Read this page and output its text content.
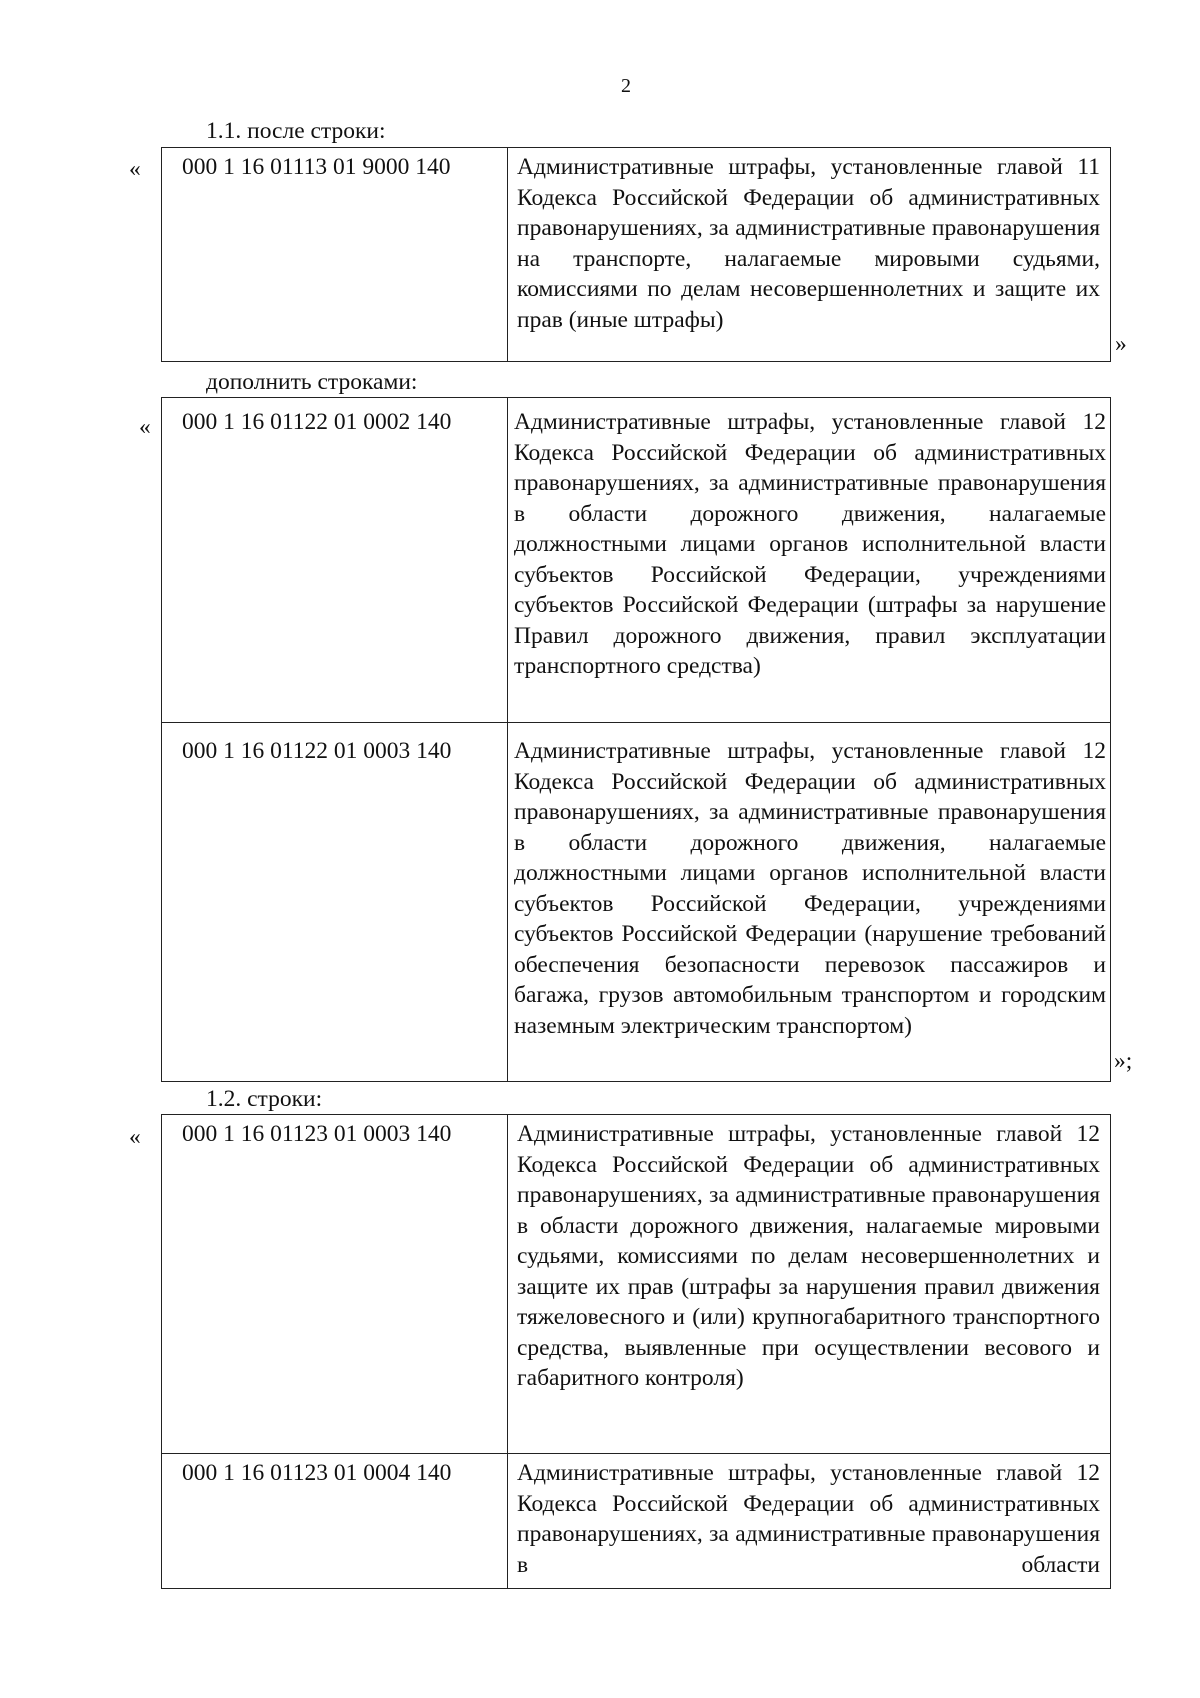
2
1.1. после строки:
«	000 1 16 01113 01 9000 140	Административные штрафы, установленные главой 11 Кодекса Российской Федерации об административных правонарушениях, за административные правонарушения на транспорте, налагаемые мировыми судьями, комиссиями по делам несовершеннолетних и защите их прав (иные штрафы)
»
дополнить строками:
«	000 1 16 01122 01 0002 140	Административные штрафы, установленные главой 12 Кодекса Российской Федерации об административных правонарушениях, за административные правонарушения в области дорожного движения, налагаемые должностными лицами органов исполнительной власти субъектов Российской Федерации, учреждениями субъектов Российской Федерации (штрафы за нарушение Правил дорожного движения, правил эксплуатации транспортного средства)

000 1 16 01122 01 0003 140	Административные штрафы, установленные главой 12 Кодекса Российской Федерации об административных правонарушениях, за административные правонарушения в области дорожного движения, налагаемые должностными лицами органов исполнительной власти субъектов Российской Федерации, учреждениями субъектов Российской Федерации (нарушение требований обеспечения безопасности перевозок пассажиров и багажа, грузов автомобильным транспортом и городским наземным электрическим транспортом)
»;
1.2. строки:
«	000 1 16 01123 01 0003 140	Административные штрафы, установленные главой 12 Кодекса Российской Федерации об административных правонарушениях, за административные правонарушения в области дорожного движения, налагаемые мировыми судьями, комиссиями по делам несовершеннолетних и защите их прав (штрафы за нарушения правил движения тяжеловесного и (или) крупногабаритного транспортного средства, выявленные при осуществлении весового и габаритного контроля)

000 1 16 01123 01 0004 140	Административные штрафы, установленные главой 12 Кодекса Российской Федерации об административных правонарушениях, за административные правонарушения в области
